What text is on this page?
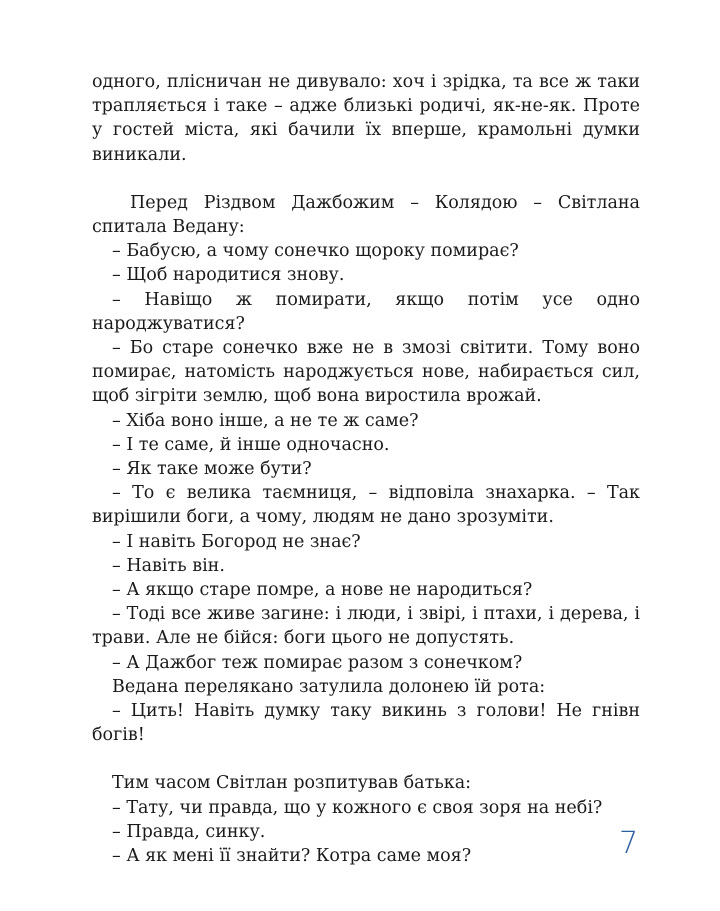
одного, плісничан не дивувало: хоч і зрідка, та все ж таки трапляється і таке – адже близькі родичі, як-не-як. Проте у гостей міста, які бачили їх вперше, крамольні думки виникали.

Перед Різдвом Дажбожим – Колядою – Світлана спитала Ведану:

– Бабусю, а чому сонечко щороку помирає?

– Щоб народитися знову.

– Навіщо ж помирати, якщо потім усе одно народжуватися?

– Бо старе сонечко вже не в змозі світити. Тому воно помирає, натомість народжується нове, набирається сил, щоб зігріти землю, щоб вона виростила врожай.

– Хіба воно інше, а не те ж саме?

– І те саме, й інше одночасно.

– Як таке може бути?

– То є велика таємниця, – відповіла знахарка. – Так вирішили боги, а чому, людям не дано зрозуміти.

– І навіть Богород не знає?

– Навіть він.

– А якщо старе помре, а нове не народиться?

– Тоді все живе загине: і люди, і звірі, і птахи, і дерева, і трави. Але не бійся: боги цього не допустять.

– А Дажбог теж помирає разом з сонечком?

Ведана перелякано затулила долонею їй рота:

– Цить! Навіть думку таку викинь з голови! Не гнівн богів!

Тим часом Світлан розпитував батька:

– Тату, чи правда, що у кожного є своя зоря на небі?

– Правда, синку.

– А як мені її знайти? Котра саме моя?	7
